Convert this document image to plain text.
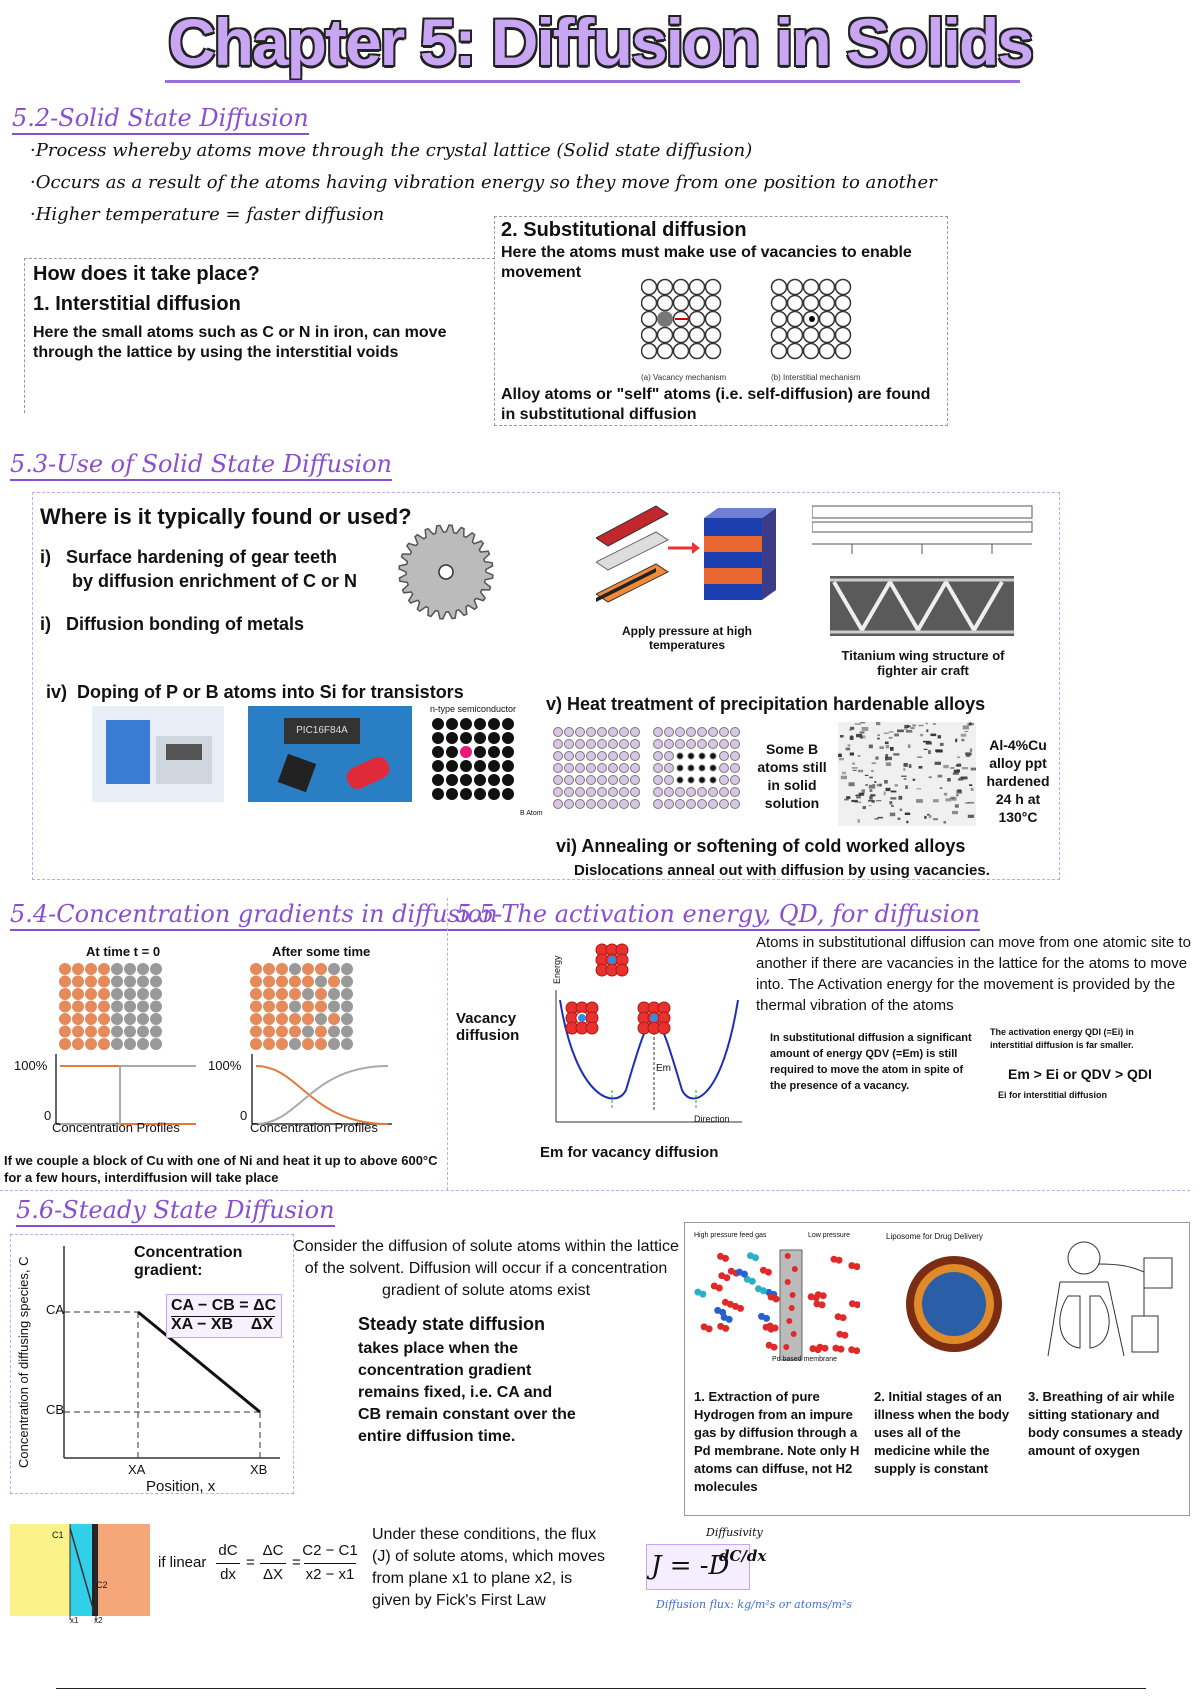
Chapter 5: Diffusion in Solids
5.2-Solid State Diffusion
·Process whereby atoms move through the crystal lattice (Solid state diffusion)
·Occurs as a result of the atoms having vibration energy so they move from one position to another
·Higher temperature = faster diffusion
How does it take place?
1. Interstitial diffusion
Here the small atoms such as C or N in iron, can move through the lattice by using the interstitial voids
2. Substitutional diffusion
Here the atoms must make use of vacancies to enable movement
(a) Vacancy mechanism	(b) Interstitial mechanism
Alloy atoms or "self" atoms (i.e. self-diffusion) are found in substitutional diffusion
5.3-Use of Solid State Diffusion
Where is it typically found or used?
i)   Surface hardening of gear teeth
by diffusion enrichment of C or N
i)   Diffusion bonding of metals	Apply pressure at high temperatures
Titanium wing structure of fighter air craft
iv)  Doping of P or B atoms into Si for transistors
PIC16F84A
n-type semiconductor v) Heat treatment of precipitation hardenable alloys
B Atom
Some B atoms still in solid solution
Al-4%Cu alloy ppt hardened 24 h at 130°C
vi) Annealing or softening of cold worked alloys
Dislocations anneal out with diffusion by using vacancies.
5.4-Concentration gradients in diffusion
At time t = 0	After some time
100%	100%
0	0
Concentration Profiles	Concentration Profiles
If we couple a block of Cu with one of Ni and heat it up to above 600°C for a few hours, interdiffusion will take place
5.5-The activation energy, QD, for diffusion
Vacancy diffusion
Energy
Em
Direction
Em for vacancy diffusion
Atoms in substitutional diffusion can move from one atomic site to another if there are vacancies in the lattice for the atoms to move into. The Activation energy for the movement is provided by the thermal vibration of the atoms
In substitutional diffusion a significant amount of energy QDV (=Em) is still required to move the atom in spite of the presence of a vacancy.
The activation energy QDI (=Ei) in interstitial diffusion is far smaller.
Em > Ei or QDV > QDI
Ei for interstitial diffusion
5.6-Steady State Diffusion
Concentration of diffusing species, C CA
CB
XA	XB
Position, x
Concentration gradient:
CA − CB = ΔC
XA − XB    ΔX
Consider the diffusion of solute atoms within the lattice of the solvent. Diffusion will occur if a concentration gradient of solute atoms exist
Steady state diffusion
takes place when the concentration gradient remains fixed, i.e. CA and CB remain constant over the entire diffusion time.
High pressure feed gas	Low pressure
Pd based membrane
Liposome for Drug Delivery
1. Extraction of pure Hydrogen from an impure gas by diffusion through a Pd membrane. Note only H atoms can diffuse, not H2 molecules
2. Initial stages of an illness when the body uses all of the medicine while the supply is constant
3. Breathing of air while sitting stationary and body consumes a steady amount of oxygen
C1
C2
x1 x2
if linear
dC
dx
=
ΔC
ΔX
=
C2 − C1
x2 − x1
Under these conditions, the flux (J) of solute atoms, which moves from plane x1 to plane x2, is given by Fick's First Law
J = -D
dC/dx
Diffusivity
Diffusion flux: kg/m²s or atoms/m²s
